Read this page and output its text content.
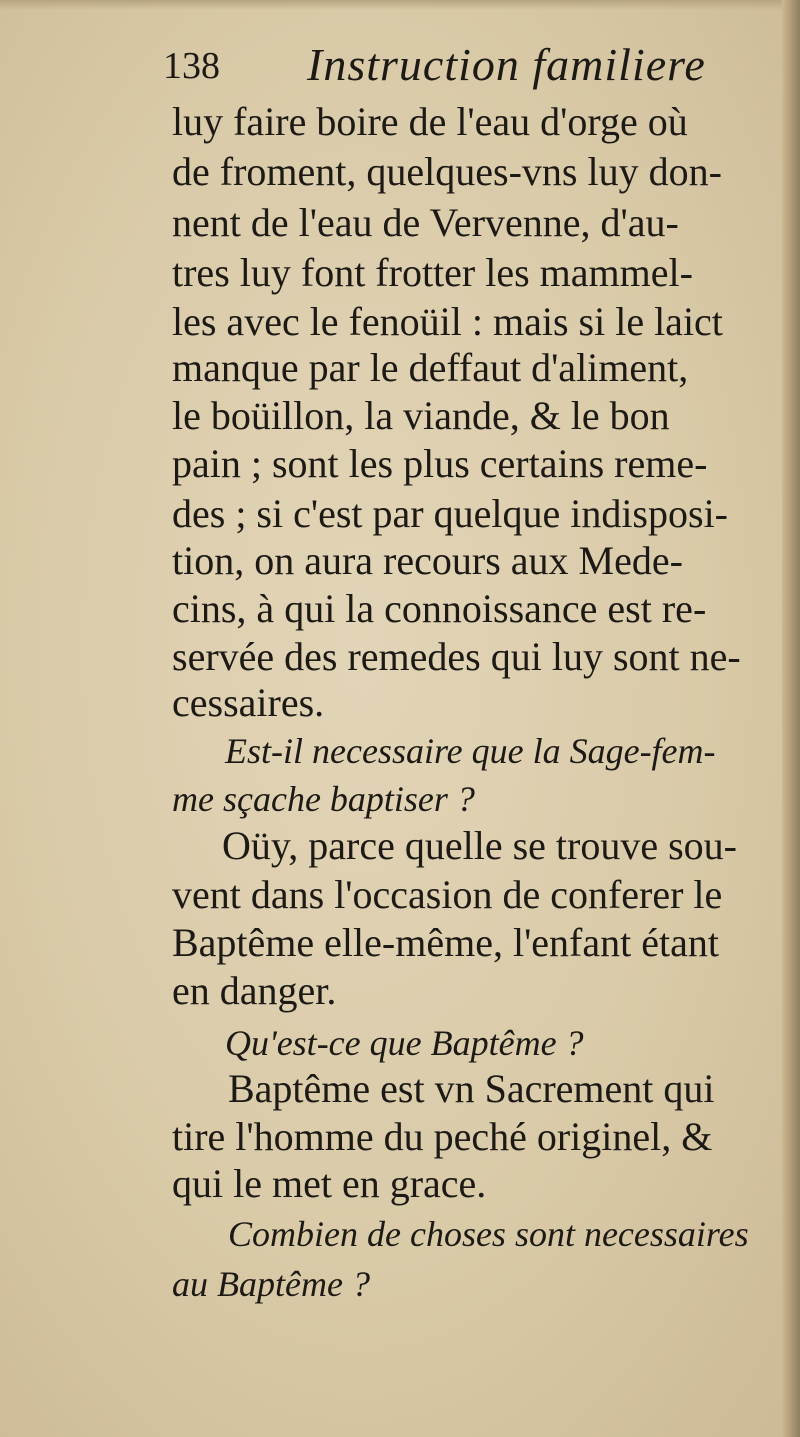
138 Instruction familiere
luy faire boire de l'eau d'orge où
de froment, quelques-vns luy don-
nent de l'eau de Vervenne, d'au-
tres luy font frotter les mammel-
les avec le fenoüil : mais si le laict
manque par le deffaut d'aliment,
le boüillon, la viande, & le bon
pain ; sont les plus certains reme-
des ; si c'est par quelque indisposi-
tion, on aura recours aux Mede-
cins, à qui la connoissance est re-
servée des remedes qui luy sont ne-
cessaires.
Est-il necessaire que la Sage-fem-
me sçache baptiser ?
Oüy, parce quelle se trouve sou-
vent dans l'occasion de conferer le
Baptême elle-même, l'enfant étant
en danger.
Qu'est-ce que Baptême ?
Baptême est vn Sacrement qui
tire l'homme du peché originel, &
qui le met en grace.
Combien de choses sont necessaires
au Baptême ?
